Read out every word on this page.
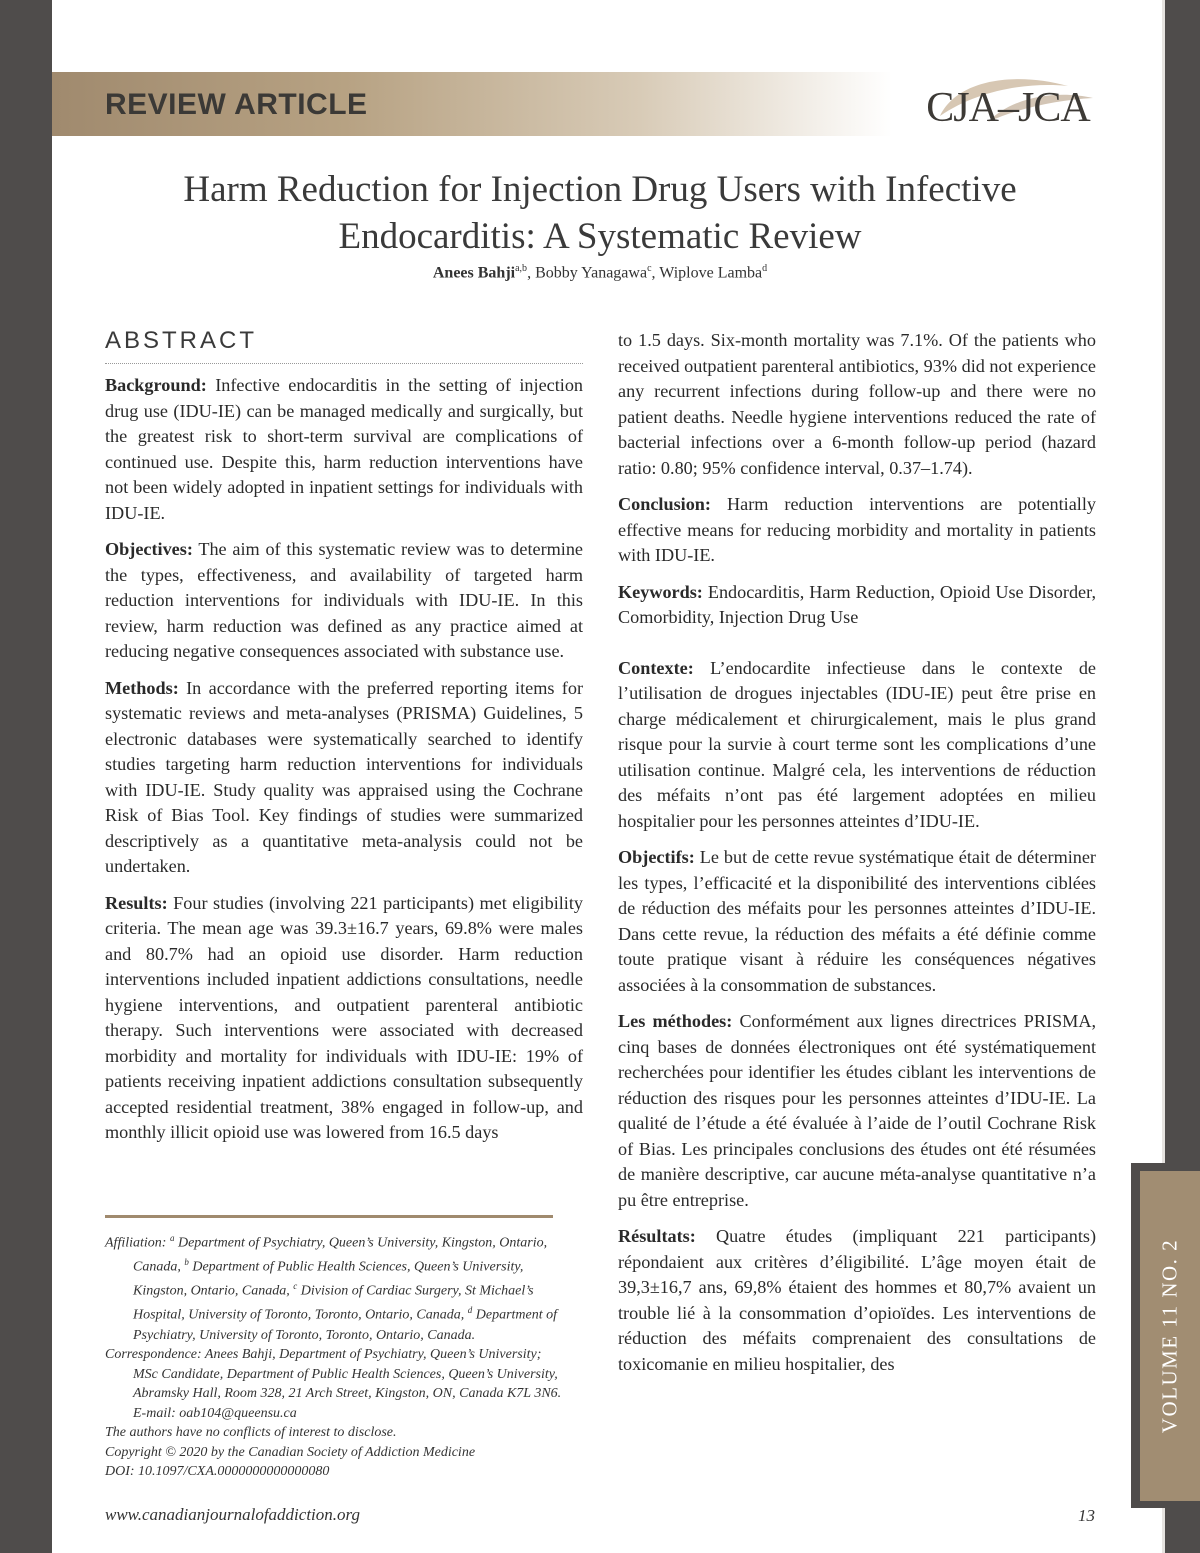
REVIEW ARTICLE	CJA–JCA
Harm Reduction for Injection Drug Users with Infective
Endocarditis: A Systematic Review
Anees Bahji$^{a,b}$, Bobby Yanagawa$^c$, Wiplove Lamba$^d$
ABSTRACT

Background: Infective endocarditis in the setting of injection drug use (IDU-IE) can be managed medically and surgically, but the greatest risk to short-term survival are complications of continued use. Despite this, harm reduction interventions have not been widely adopted in inpatient settings for individuals with IDU-IE.

Objectives: The aim of this systematic review was to determine the types, effectiveness, and availability of targeted harm reduction interventions for individuals with IDU-IE. In this review, harm reduction was defined as any practice aimed at reducing negative consequences associated with substance use.

Methods: In accordance with the preferred reporting items for systematic reviews and meta-analyses (PRISMA) Guidelines, 5 electronic databases were systematically searched to identify studies targeting harm reduction interventions for individuals with IDU-IE. Study quality was appraised using the Cochrane Risk of Bias Tool. Key findings of studies were summarized descriptively as a quantitative meta-analysis could not be undertaken.

Results: Four studies (involving 221 participants) met eligibility criteria. The mean age was 39.3±16.7 years, 69.8% were males and 80.7% had an opioid use disorder. Harm reduction interventions included inpatient addictions consultations, needle hygiene interventions, and outpatient parenteral antibiotic therapy. Such interventions were associated with decreased morbidity and mortality for individuals with IDU-IE: 19% of patients receiving inpatient addictions consultation subsequently accepted residential treatment, 38% engaged in follow-up, and monthly illicit opioid use was lowered from 16.5 days

to 1.5 days. Six-month mortality was 7.1%. Of the patients who received outpatient parenteral antibiotics, 93% did not experience any recurrent infections during follow-up and there were no patient deaths. Needle hygiene interventions reduced the rate of bacterial infections over a 6-month follow-up period (hazard ratio: 0.80; 95% confidence interval, 0.37–1.74).

Conclusion: Harm reduction interventions are potentially effective means for reducing morbidity and mortality in patients with IDU-IE.

Keywords: Endocarditis, Harm Reduction, Opioid Use Disorder, Comorbidity, Injection Drug Use

Contexte: L’endocardite infectieuse dans le contexte de l’utilisation de drogues injectables (IDU-IE) peut être prise en charge médicalement et chirurgicalement, mais le plus grand risque pour la survie à court terme sont les complications d’une utilisation continue. Malgré cela, les interventions de réduction des méfaits n’ont pas été largement adoptées en milieu hospitalier pour les personnes atteintes d’IDU-IE.

Objectifs: Le but de cette revue systématique était de déterminer les types, l’efficacité et la disponibilité des interventions ciblées de réduction des méfaits pour les personnes atteintes d’IDU-IE. Dans cette revue, la réduction des méfaits a été définie comme toute pratique visant à réduire les conséquences négatives associées à la consommation de substances.

Les méthodes: Conformément aux lignes directrices PRISMA, cinq bases de données électroniques ont été systématiquement recherchées pour identifier les études ciblant les interventions de réduction des risques pour les personnes atteintes d’IDU-IE. La qualité de l’étude a été évaluée à l’aide de l’outil Cochrane Risk of Bias. Les principales conclusions des études ont été résumées de manière descriptive, car aucune méta-analyse quantitative n’a pu être entreprise.

Résultats: Quatre études (impliquant 221 participants) répondaient aux critères d’éligibilité. L’âge moyen était de 39,3±16,7 ans, 69,8% étaient des hommes et 80,7% avaient un trouble lié à la consommation d’opioïdes. Les interventions de réduction des méfaits comprenaient des consultations de toxicomanie en milieu hospitalier, des

Affiliation: $^a$ Department of Psychiatry, Queen’s University, Kingston, Ontario, Canada, $^b$ Department of Public Health Sciences, Queen’s University, Kingston, Ontario, Canada, $^c$ Division of Cardiac Surgery, St Michael’s Hospital, University of Toronto, Toronto, Ontario, Canada, $^d$ Department of Psychiatry, University of Toronto, Toronto, Ontario, Canada.

Correspondence: Anees Bahji, Department of Psychiatry, Queen’s University; MSc Candidate, Department of Public Health Sciences, Queen’s University, Abramsky Hall, Room 328, 21 Arch Street, Kingston, ON, Canada K7L 3N6. E-mail: oab104@queensu.ca

The authors have no conflicts of interest to disclose.

Copyright © 2020 by the Canadian Society of Addiction Medicine

DOI: 10.1097/CXA.0000000000000080

www.canadianjournalofaddiction.org	13
VOLUME 11 NO. 2
